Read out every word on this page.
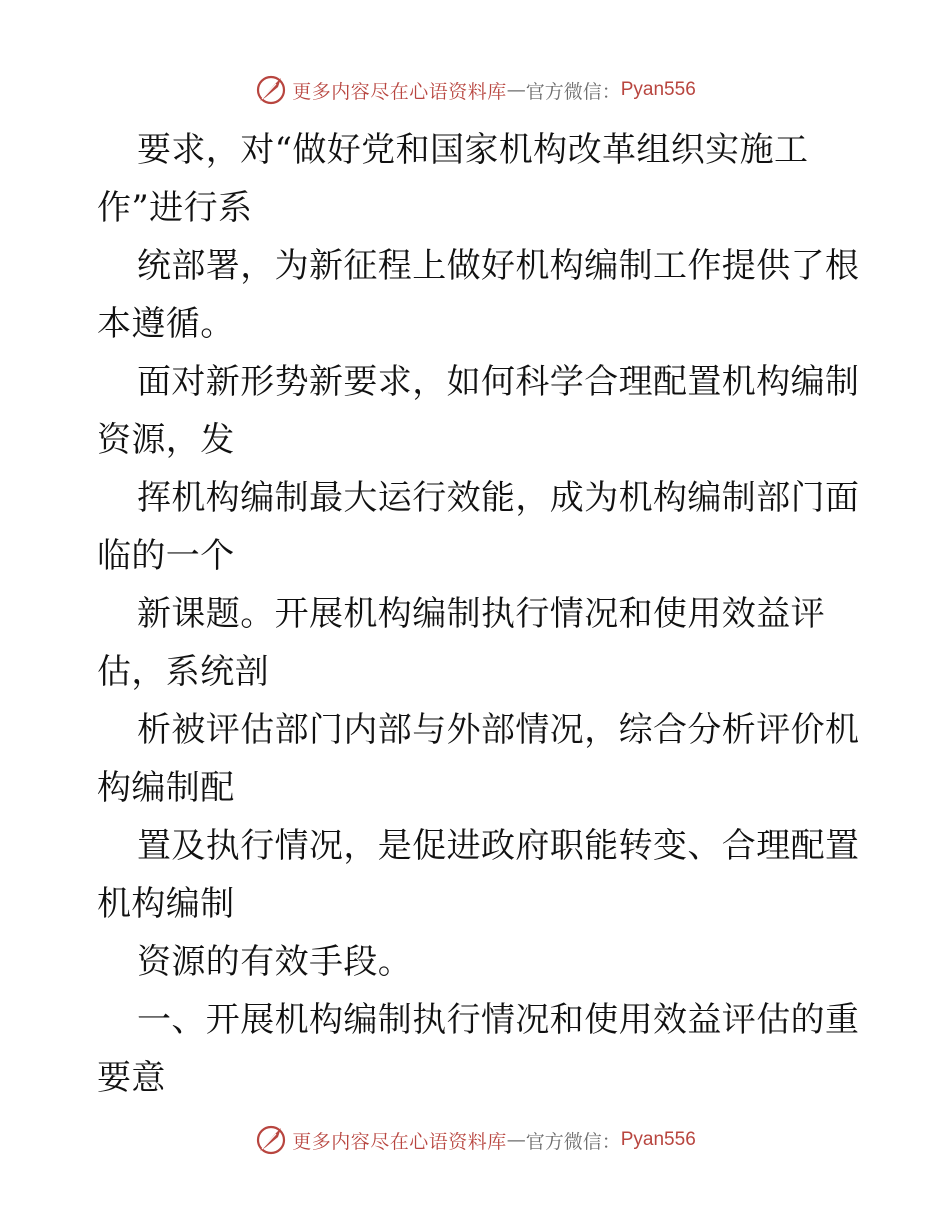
更多内容尽在心语资料库 — 官方微信： Pyan556
要求，对“做好党和国家机构改革组织实施工
作”进行系
统部署，为新征程上做好机构编制工作提供了根
本遵循。
面对新形势新要求，如何科学合理配置机构编制
资源，发
挥机构编制最大运行效能，成为机构编制部门面
临的一个
新课题。开展机构编制执行情况和使用效益评
估，系统剖
析被评估部门内部与外部情况，综合分析评价机
构编制配
置及执行情况，是促进政府职能转变、合理配置
机构编制
资源的有效手段。
一、开展机构编制执行情况和使用效益评估的重
要意
更多内容尽在心语资料库 — 官方微信： Pyan556
